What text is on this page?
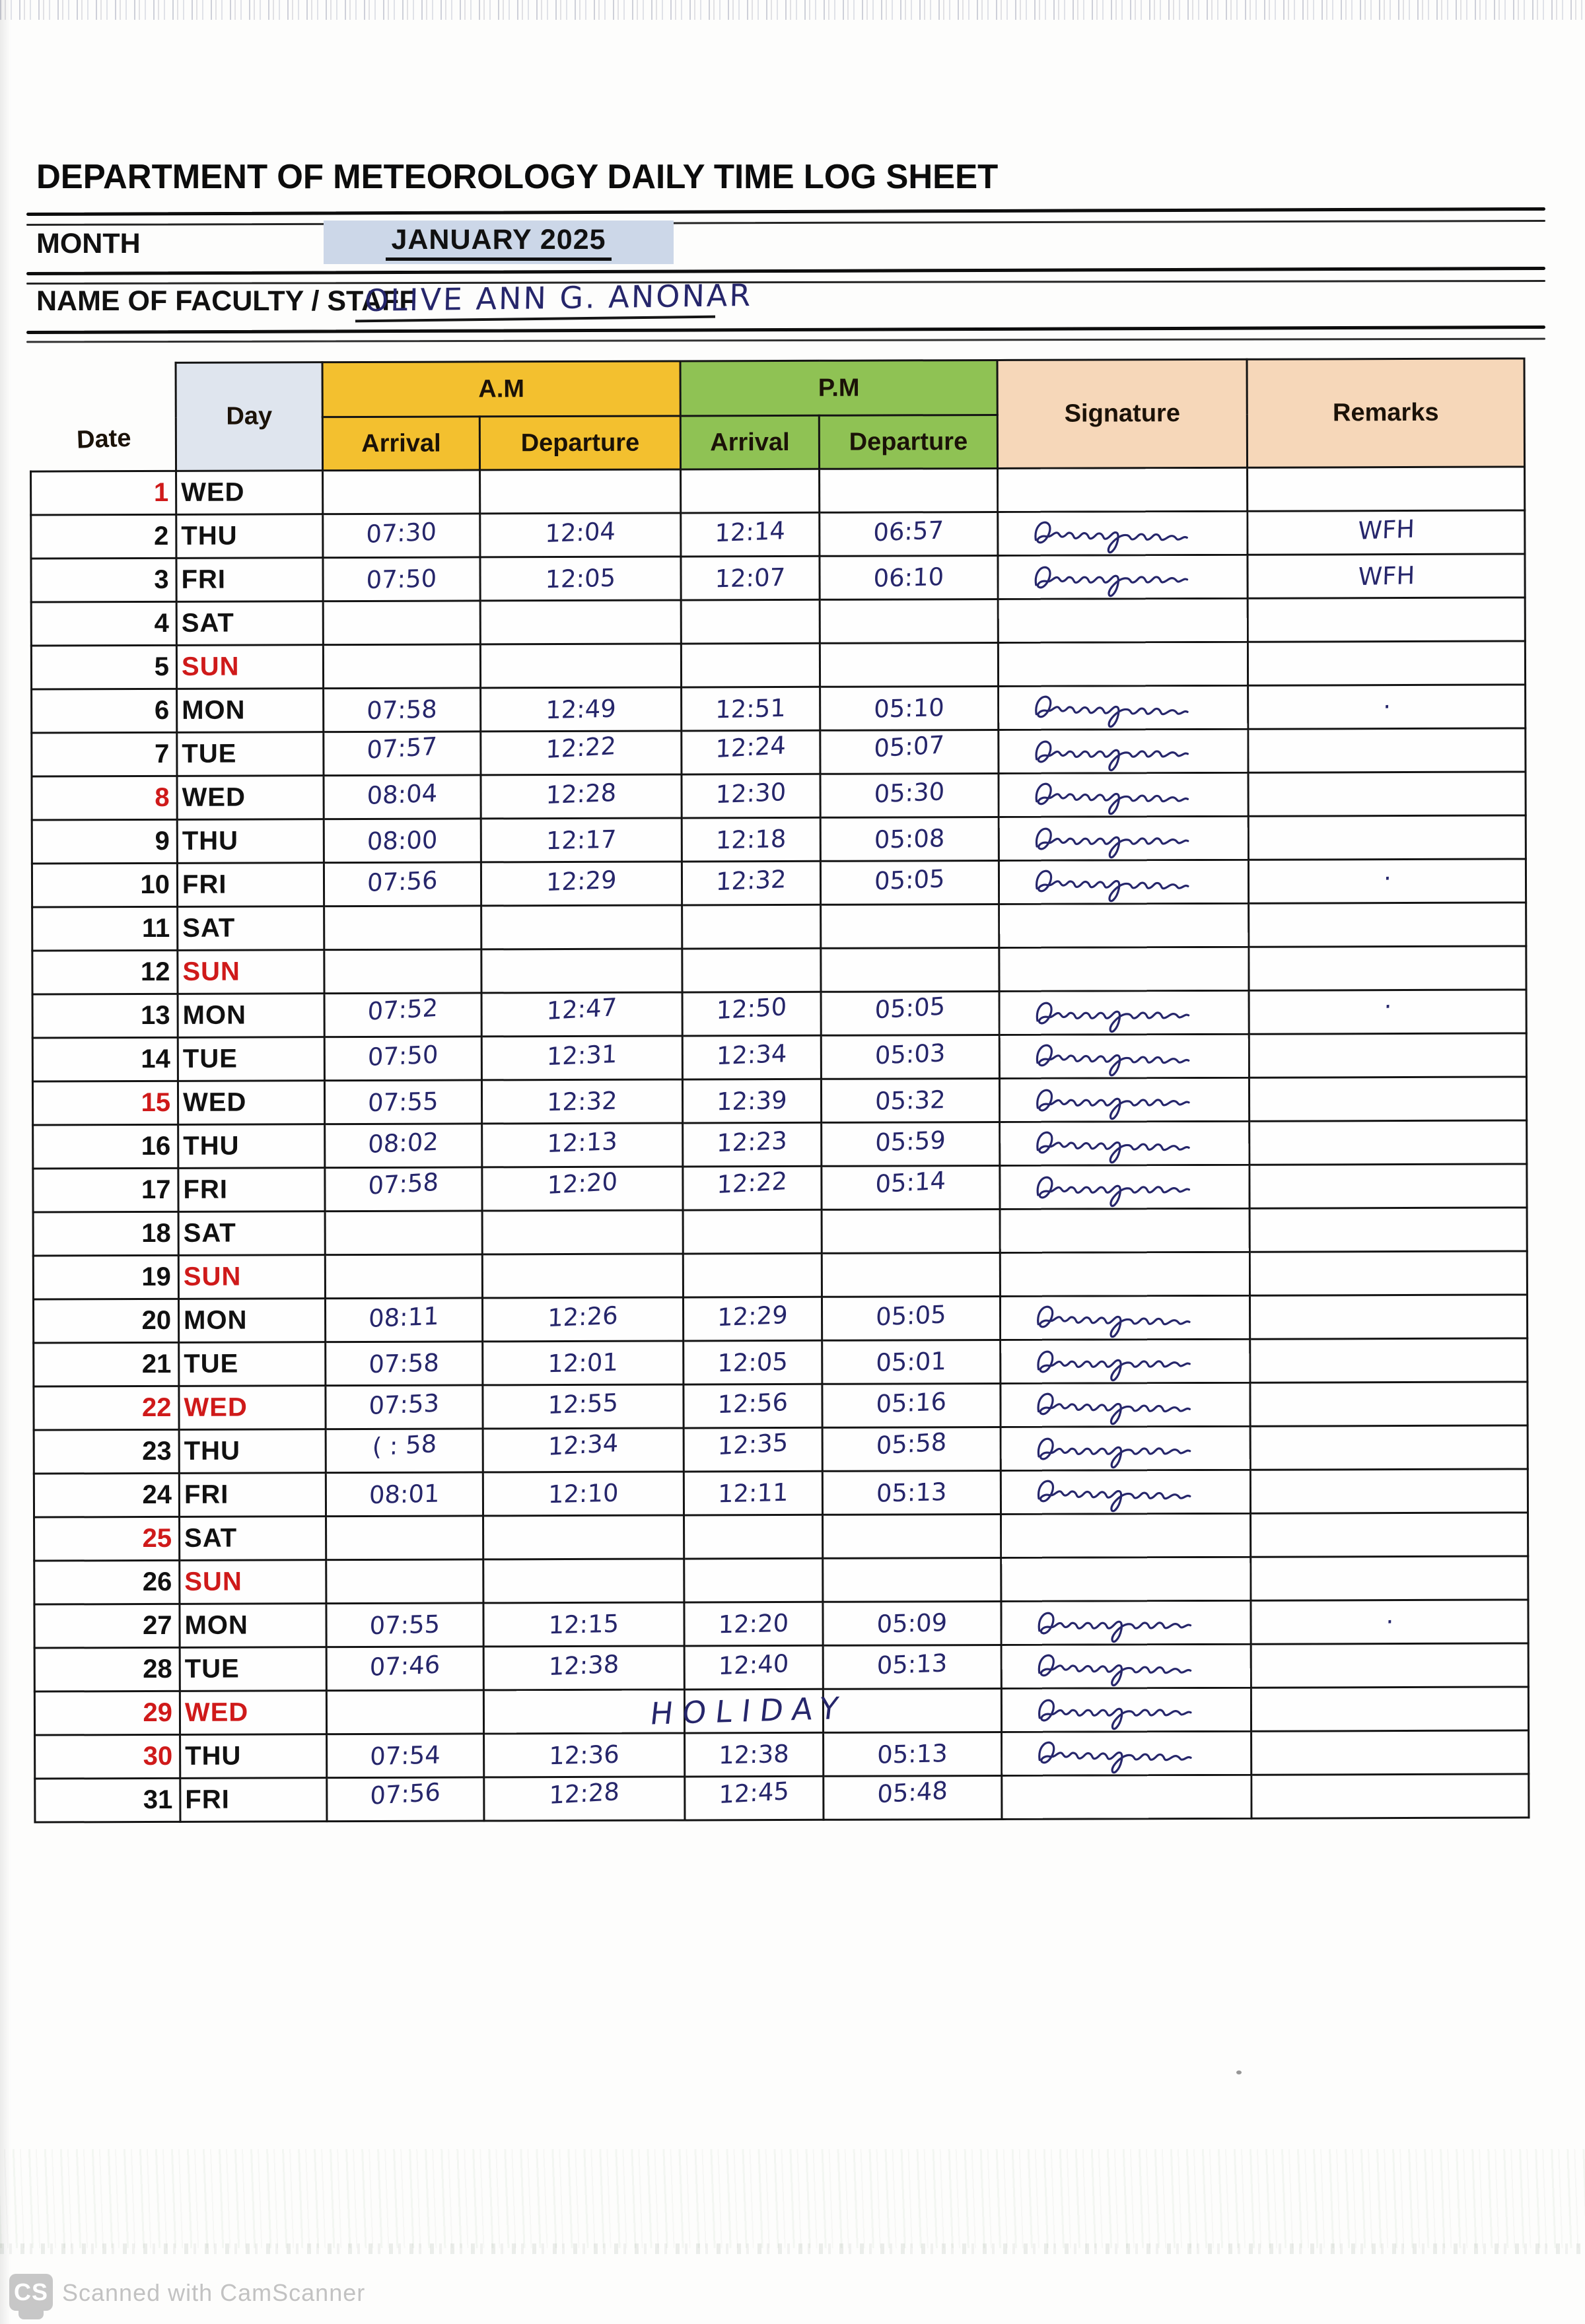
DEPARTMENT OF METEOROLOGY DAILY TIME LOG SHEET
MONTH	JANUARY 2025
NAME OF FACULTY / STAFF
OLIVE ANN G. ANONAR
Date	Day	A.M		P.M		Signature	Remarks
		Arrival	Departure	Arrival	Departure		
1	WED						
2	THU	07:30	12:04	12:14	06:57		WFH
3	FRI	07:50	12:05	12:07	06:10		WFH
4	SAT						
5	SUN						
6	MON	07:58	12:49	12:51	05:10		·
7	TUE	07:57	12:22	12:24	05:07	

8	WED	08:04	12:28	12:30	05:30	

9	THU	08:00	12:17	12:18	05:08	

10	FRI	07:56	12:29	12:32	05:05		·
11	SAT						
12	SUN						
13	MON	07:52	12:47	12:50	05:05		·
14	TUE	07:50	12:31	12:34	05:03	

15	WED	07:55	12:32	12:39	05:32	

16	THU	08:02	12:13	12:23	05:59	

17	FRI	07:58	12:20	12:22	05:14	

18	SAT						
19	SUN						
20	MON	08:11	12:26	12:29	05:05	

21	TUE	07:58	12:01	12:05	05:01	

22	WED	07:53	12:55	12:56	05:16	

23	THU	( : 58	12:34	12:35	05:58	

24	FRI	08:01	12:10	12:11	05:13	

25	SAT						
26	SUN						
27	MON	07:55	12:15	12:20	05:09		·
28	TUE	07:46	12:38	12:40	05:13	

29	WED		HOLIDAY

30	THU	07:54	12:36	12:38	05:13	

31	FRI	07:56	12:28	12:45	05:48		
CS Scanned with CamScanner
